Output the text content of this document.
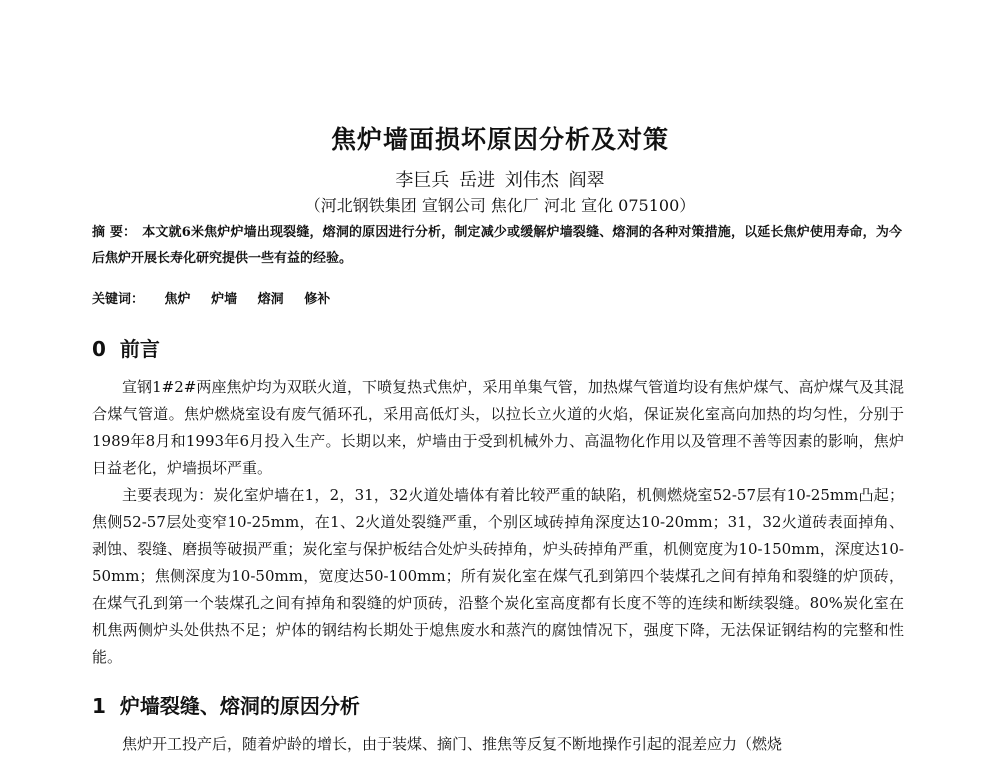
焦炉墙面损坏原因分析及对策
李巨兵 岳进 刘伟杰 阎翠
（河北钢铁集团 宣钢公司 焦化厂 河北 宣化 075100）
摘 要： 本文就6米焦炉炉墙出现裂缝，熔洞的原因进行分析，制定减少或缓解炉墙裂缝、熔洞的各种对策措施，以延长焦炉使用寿命，为今后焦炉开展长寿化研究提供一些有益的经验。
关键词： 焦炉 炉墙 熔洞 修补
0 前言
宣钢1#2#两座焦炉均为双联火道，下喷复热式焦炉，采用单集气管，加热煤气管道均设有焦炉煤气、高炉煤气及其混合煤气管道。焦炉燃烧室设有废气循环孔，采用高低灯头，以拉长立火道的火焰，保证炭化室高向加热的均匀性，分别于1989年8月和1993年6月投入生产。长期以来，炉墙由于受到机械外力、高温物化作用以及管理不善等因素的影响，焦炉日益老化，炉墙损坏严重。
主要表现为：炭化室炉墙在1，2，31，32火道处墙体有着比较严重的缺陷，机侧燃烧室52-57层有10-25mm凸起；焦侧52-57层处变窄10-25mm，在1、2火道处裂缝严重，个别区域砖掉角深度达10-20mm；31，32火道砖表面掉角、剥蚀、裂缝、磨损等破损严重；炭化室与保护板结合处炉头砖掉角，炉头砖掉角严重，机侧宽度为10-150mm，深度达10-50mm；焦侧深度为10-50mm，宽度达50-100mm；所有炭化室在煤气孔到第四个装煤孔之间有掉角和裂缝的炉顶砖，在煤气孔到第一个装煤孔之间有掉角和裂缝的炉顶砖，沿整个炭化室高度都有长度不等的连续和断续裂缝。80%炭化室在机焦两侧炉头处供热不足；炉体的钢结构长期处于熄焦废水和蒸汽的腐蚀情况下，强度下降，无法保证钢结构的完整和性能。
1 炉墙裂缝、熔洞的原因分析
焦炉开工投产后，随着炉龄的增长，由于装煤、摘门、推焦等反复不断地操作引起的混差应力（燃烧
